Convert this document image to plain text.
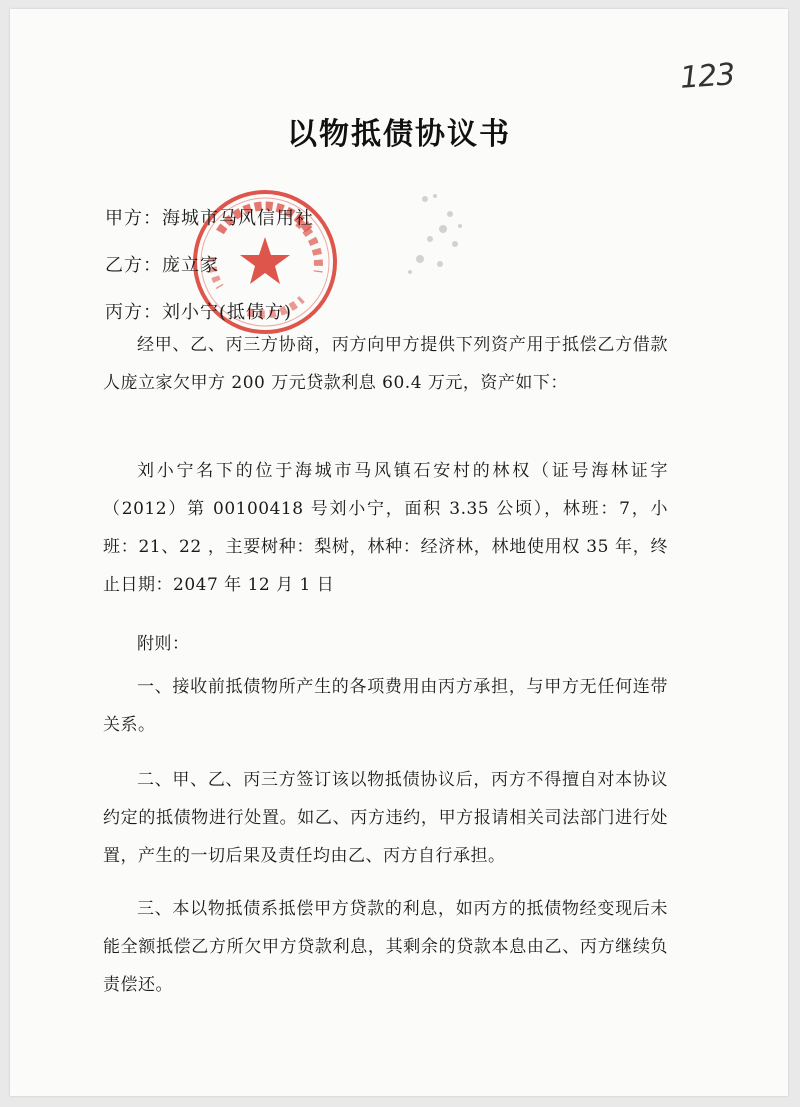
123
以物抵债协议书
甲方：海城市马风信用社
乙方：庞立家
丙方：刘小宁(抵债方)
经甲、乙、丙三方协商，丙方向甲方提供下列资产用于抵偿乙方借款人庞立家欠甲方 200 万元贷款利息 60.4 万元，资产如下：
刘小宁名下的位于海城市马风镇石安村的林权（证号海林证字（2012）第 00100418 号刘小宁，面积 3.35 公顷），林班：7，小班：21、22 ，主要树种：梨树，林种：经济林，林地使用权 35 年，终止日期：2047 年 12 月 1 日
附则：
一、接收前抵债物所产生的各项费用由丙方承担，与甲方无任何连带关系。
二、甲、乙、丙三方签订该以物抵债协议后，丙方不得擅自对本协议约定的抵债物进行处置。如乙、丙方违约，甲方报请相关司法部门进行处置，产生的一切后果及责任均由乙、丙方自行承担。
三、本以物抵债系抵偿甲方贷款的利息，如丙方的抵债物经变现后未能全额抵偿乙方所欠甲方贷款利息，其剩余的贷款本息由乙、丙方继续负责偿还。
